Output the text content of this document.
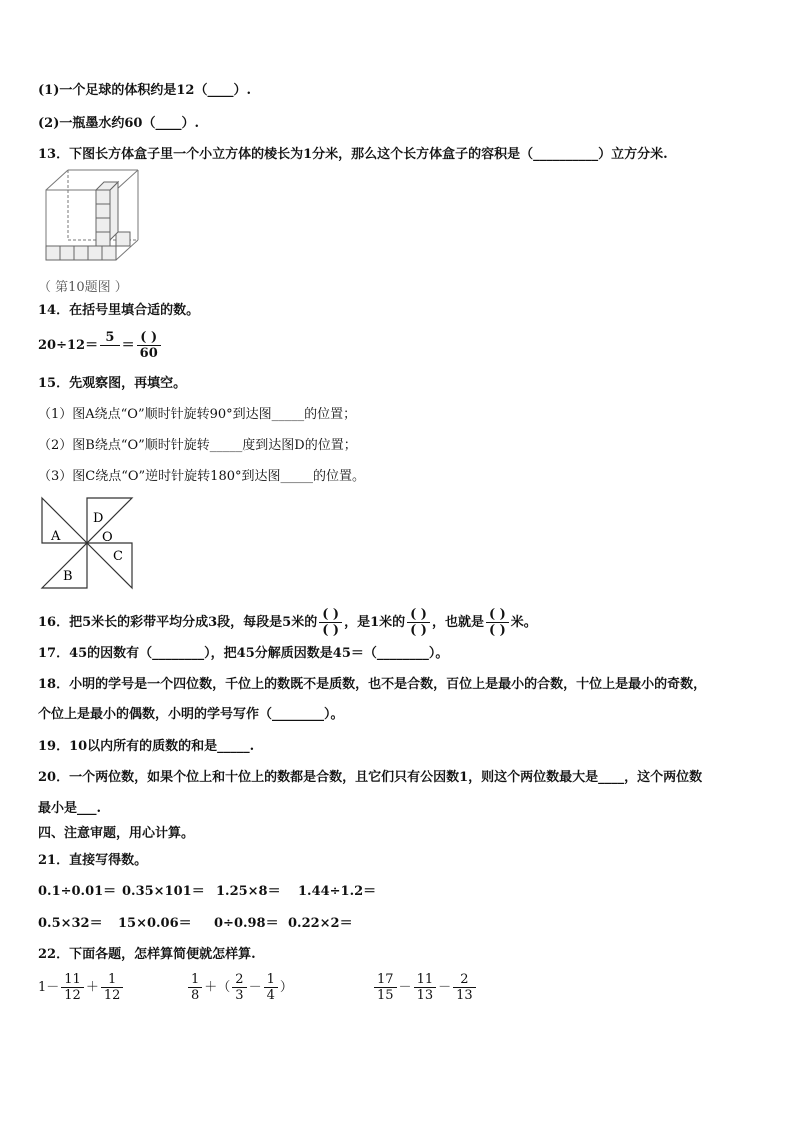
(1)一个足球的体积约是12（____）.
(2)一瓶墨水约60（____）.
13．下图长方体盒子里一个小立方体的棱长为1分米，那么这个长方体盒子的容积是（__________）立方分米.
（ 第10题图 ）
14．在括号里填合适的数。
20÷12＝
5

＝ $\frac{( )}{60}$
15．先观察图，再填空。
（1）图A绕点“O”顺时针旋转90°到达图_____的位置；
（2）图B绕点“O”顺时针旋转_____度到达图D的位置；
（3）图C绕点“O”逆时针旋转180°到达图_____的位置。
A
D
O
C
B
16．把5米长的彩带平均分成3段，每段是5米的 $\frac{( )}{( )}$ ，是1米的 $\frac{( )}{( )}$ ，也就是 $\frac{( )}{( )}$ 米。
17．45的因数有（________），把45分解质因数是45＝（________）。
18．小明的学号是一个四位数，千位上的数既不是质数，也不是合数，百位上是最小的合数，十位上是最小的奇数，
个位上是最小的偶数，小明的学号写作（________）。
19．10以内所有的质数的和是_____.
20．一个两位数，如果个位上和十位上的数都是合数，且它们只有公因数1，则这个两位数最大是____，这个两位数
最小是___.
四、注意审题，用心计算。
21．直接写得数。
0.1÷0.01＝ 0.35×101＝ 1.25×8＝ 1.44÷1.2＝
0.5×32＝ 15×0.06＝ 0÷0.98＝ 0.22×2＝
22．下面各题，怎样算简便就怎样算.
$1- \frac{11}{12} + \frac{1}{12}$	$\frac{1}{8}$ ＋（ $\frac{2}{3} - \frac{1}{4}$ ）	$\frac{17}{15} - \frac{11}{13} - \frac{2}{13}$
